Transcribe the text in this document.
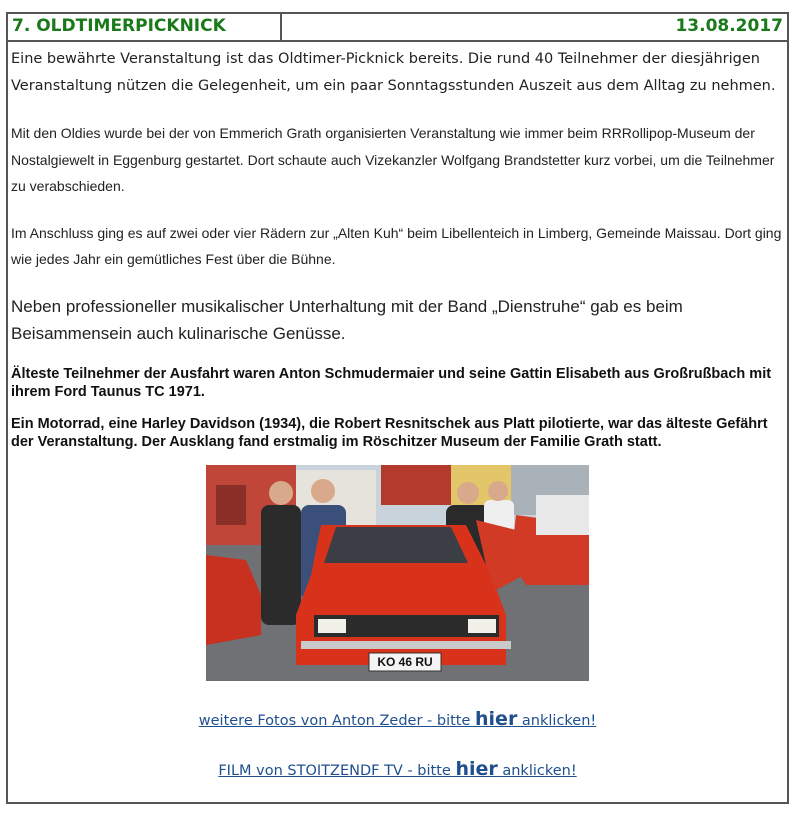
7. OLDTIMERPICKNICK	13.08.2017

Eine bewährte Veranstaltung ist das Oldtimer-Picknick bereits. Die rund 40 Teilnehmer der diesjährigen Veranstaltung nützen die Gelegenheit, um ein paar Sonntagsstunden Auszeit aus dem Alltag zu nehmen.

Mit den Oldies wurde bei der von Emmerich Grath organisierten Veranstaltung wie immer beim RRRollipop-Museum der Nostalgiewelt in Eggenburg gestartet. Dort schaute auch Vizekanzler Wolfgang Brandstetter kurz vorbei, um die Teilnehmer zu verabschieden.

Im Anschluss ging es auf zwei oder vier Rädern zur „Alten Kuh“ beim Libellenteich in Limberg, Gemeinde Maissau. Dort ging wie jedes Jahr ein gemütliches Fest über die Bühne.

Neben professioneller musikalischer Unterhaltung mit der Band „Dienstruhe“ gab es beim Beisammensein auch kulinarische Genüsse.

Älteste Teilnehmer der Ausfahrt waren Anton Schmudermaier und seine Gattin Elisabeth aus Großrußbach mit ihrem Ford Taunus TC 1971.

Ein Motorrad, eine Harley Davidson (1934), die Robert Resnitschek aus Platt pilotierte, war das älteste Gefährt der Veranstaltung. Der Ausklang fand erstmalig im Röschitzer Museum der Familie Grath statt.

KO 46 RU
weitere Fotos von Anton Zeder - bitte hier anklicken!
FILM von STOITZENDF TV - bitte hier anklicken!
